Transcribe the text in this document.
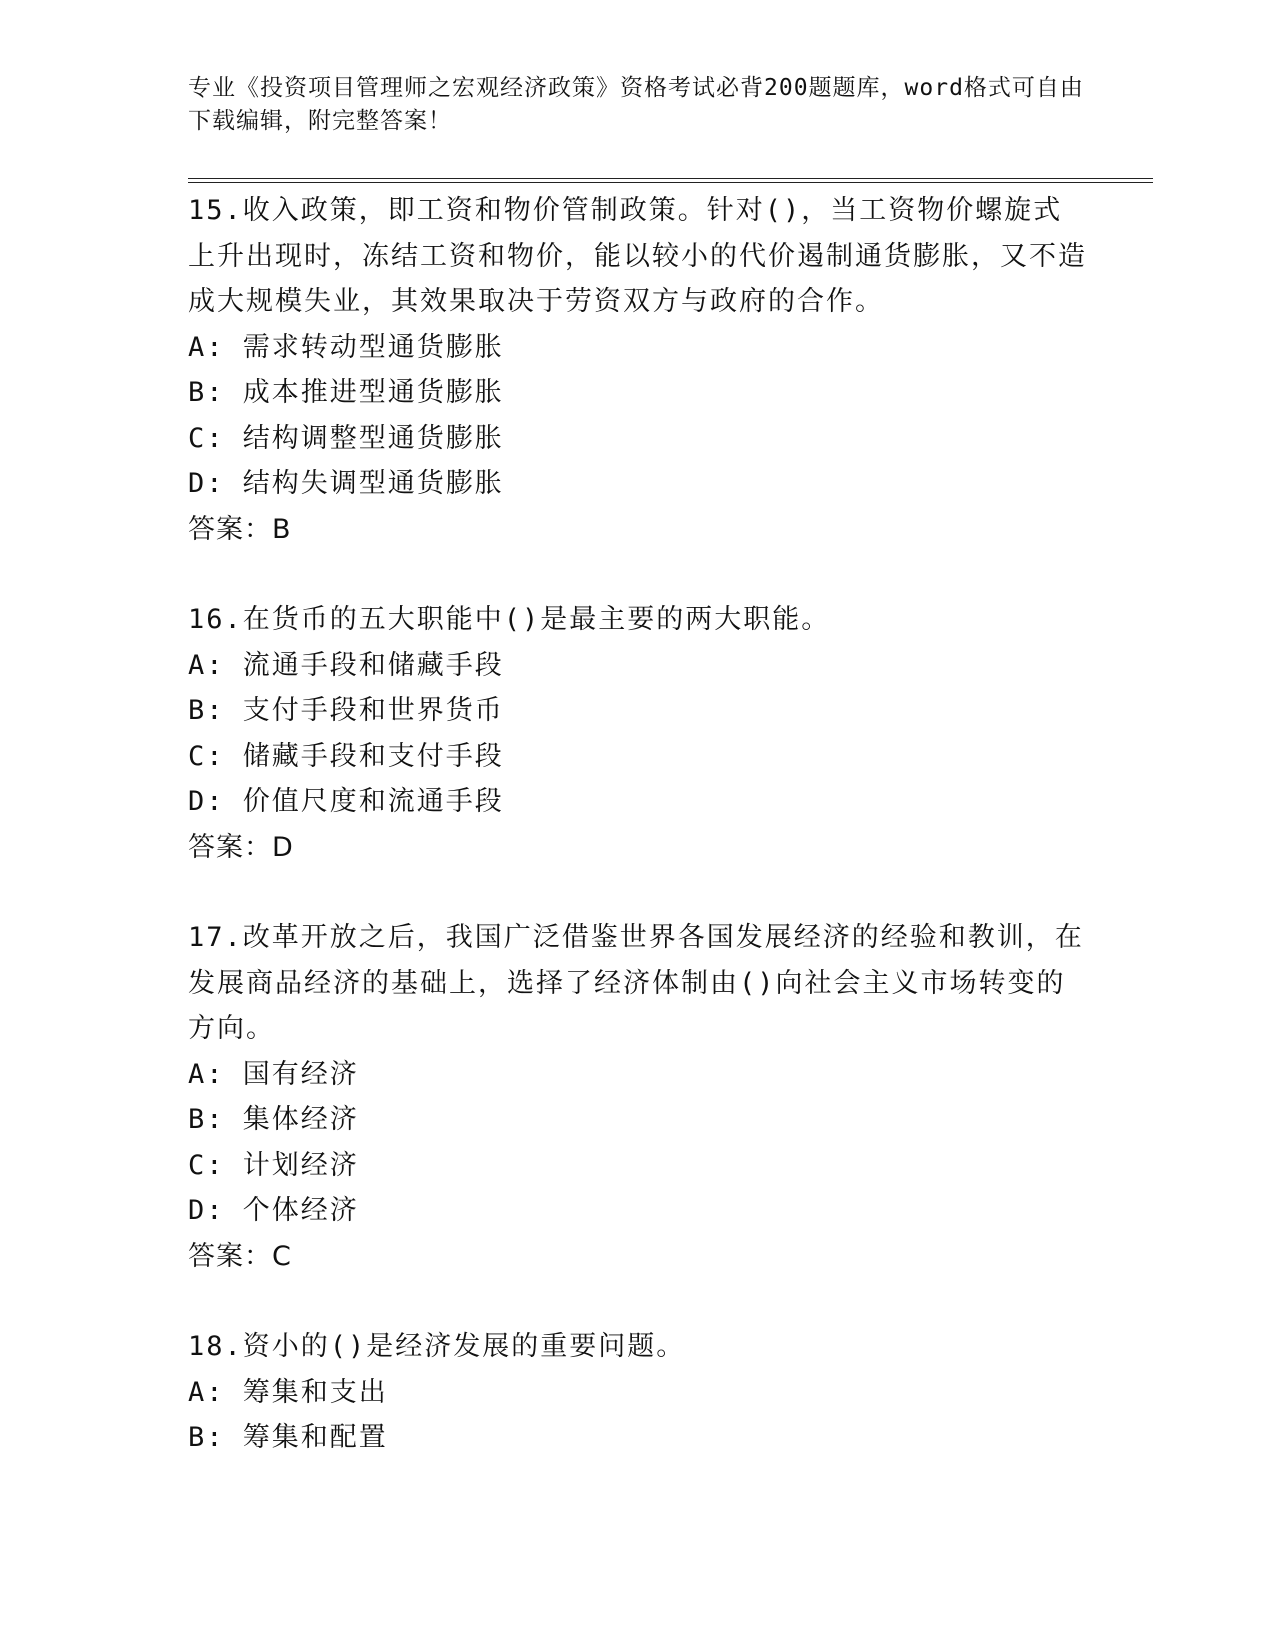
专业《投资项目管理师之宏观经济政策》资格考试必背200题题库，word格式可自由下载编辑，附完整答案！
15.收入政策，即工资和物价管制政策。针对()，当工资物价螺旋式上升出现时，冻结工资和物价，能以较小的代价遏制通货膨胀，又不造成大规模失业，其效果取决于劳资双方与政府的合作。
A: 需求转动型通货膨胀
B: 成本推进型通货膨胀
C: 结构调整型通货膨胀
D: 结构失调型通货膨胀
答案：B
16.在货币的五大职能中()是最主要的两大职能。
A: 流通手段和储藏手段
B: 支付手段和世界货币
C: 储藏手段和支付手段
D: 价值尺度和流通手段
答案：D
17.改革开放之后，我国广泛借鉴世界各国发展经济的经验和教训，在发展商品经济的基础上，选择了经济体制由()向社会主义市场转变的方向。
A: 国有经济
B: 集体经济
C: 计划经济
D: 个体经济
答案：C
18.资小的()是经济发展的重要问题。
A: 筹集和支出
B: 筹集和配置
